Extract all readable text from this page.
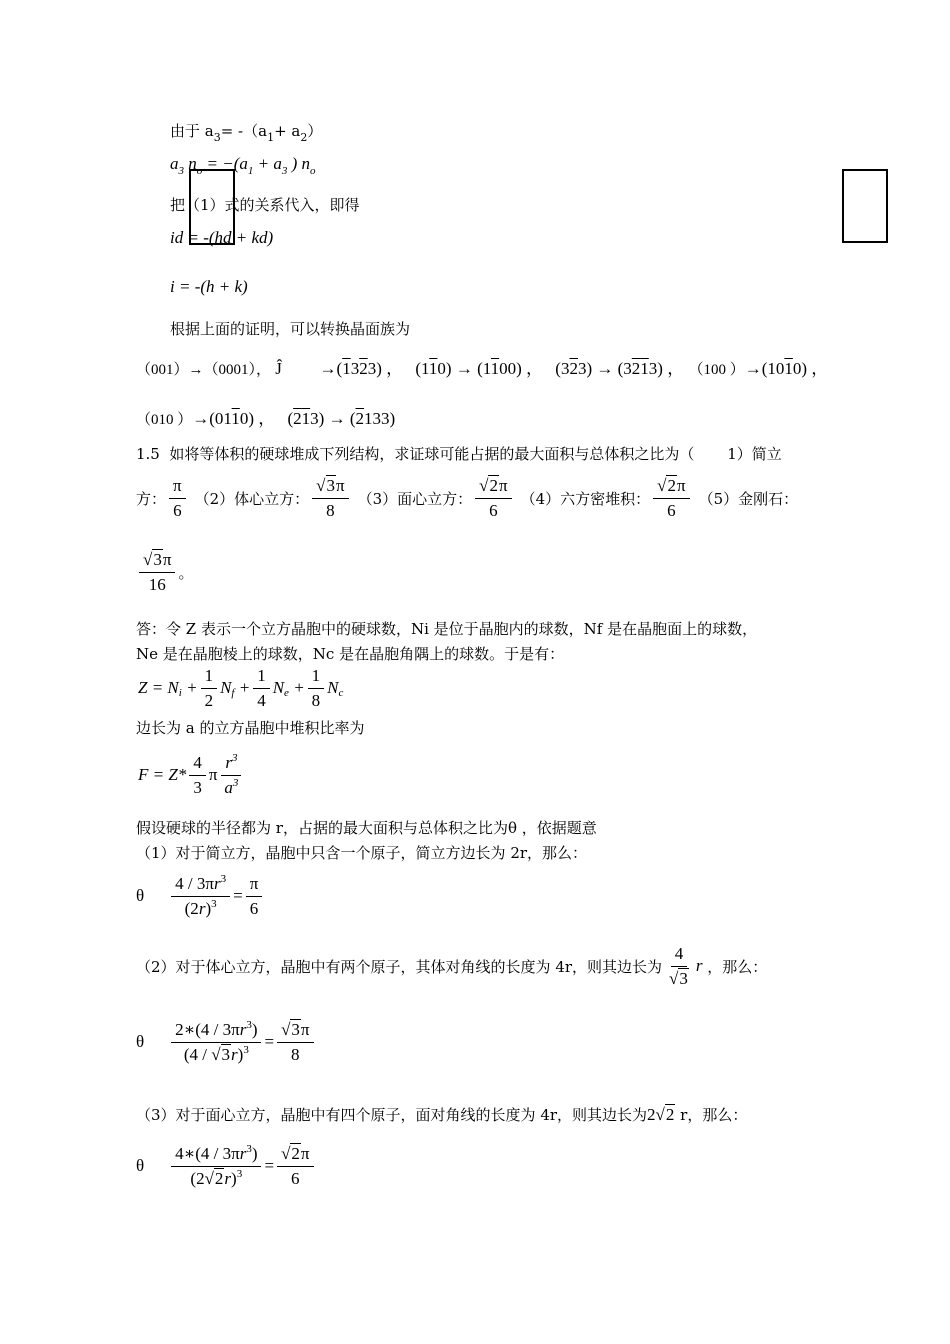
由于 $a_3= -(a_1+ a_2)$
$a_3$ $n_o = -(a_1 + a_3$ ) $n_o$
把（1）式的关系代入，即得
id = -(hd + kd)
i = -(h + k)
根据上面的证明，可以转换晶面族为
（001）→（0001）， Ĵ →(1323) ， (110) → (1100) ， (323) → (3213) ， （100 ）→(1010) ，
（010 ）→(0110) ， (213) → (2133)
1.5 如将等体积的硬球堆成下列结构，求证球可能占据的最大面积与总体积之比为（ 1）简立
方： $\frac{\pi}{6} (2)$体心立方： $\frac{√3\pi}{8} (3)$面心立方： $\frac{√2\pi}{6} (4)$六方密堆积： $\frac{√2\pi}{6} (5)$金刚石：
$\frac{√3\pi}{16}$ 。
答：令 Z 表示一个立方晶胞中的硬球数，Ni 是位于晶胞内的球数，Nf 是在晶胞面上的球数，
Ne 是在晶胞棱上的球数，Nc 是在晶胞角隅上的球数。于是有：
Z = N $i + \frac{1}{2}$ N $f + \frac{1}{4}$ N $e + \frac{1}{8}$ N c
边长为 a 的立方晶胞中堆积比率为
$F = Z* \frac{4}{3}$ π $\frac{r^3}{a^3}$
假设硬球的半径都为 r，占据的最大面积与总体积之比为θ ，依据题意
（1）对于简立方，晶胞中只含一个原子，简立方边长为 2r，那么：
θ $\frac{4 / 3\pi r^3}{(2r)^3} = \frac{\pi}{6}$
（2）对于体心立方，晶胞中有两个原子，其体对角线的长度为 4r，则其边长为 $\frac{4}{√3}$ r
，那么：
θ $\frac{2∗(4 / 3\pi r^3)}{(4 / √3r)^3} = \frac{√3\pi}{8}$
（3）对于面心立方，晶胞中有四个原子，面对角线的长度为 4r，则其边长为 2√2
r，那么：
θ $\frac{4∗(4 / 3\pi r^3)}{(2√2r)^3} = \frac{√2\pi}{6}$
